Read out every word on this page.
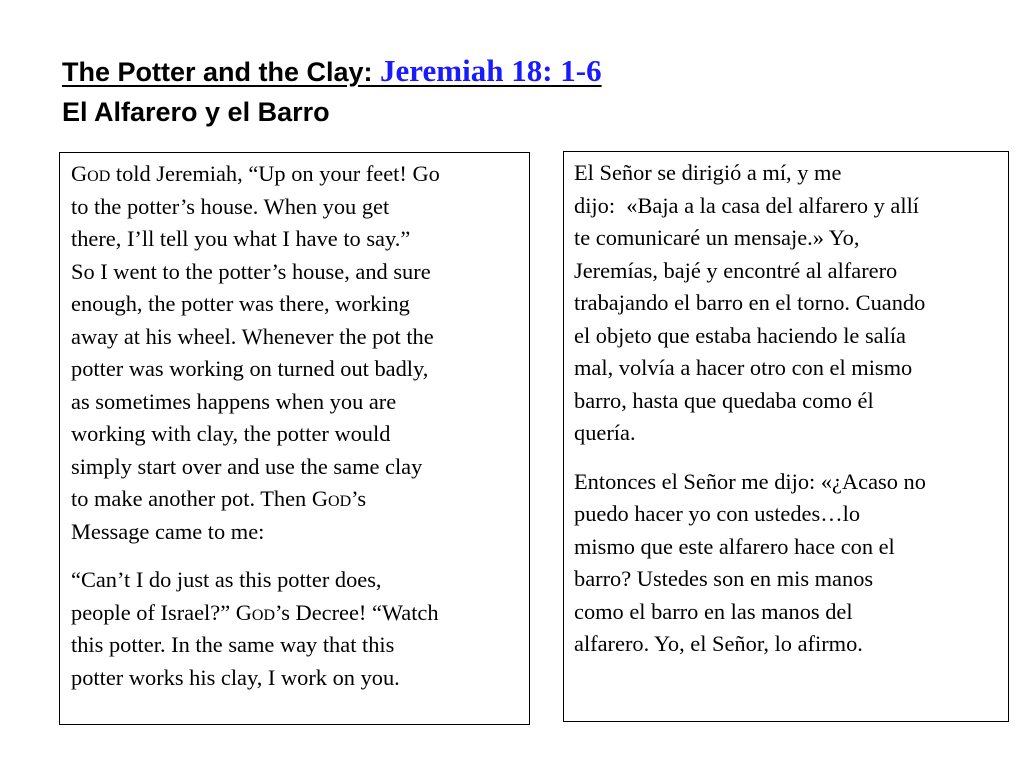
The Potter and the Clay: Jeremiah 18: 1-6
El Alfarero y el Barro

God told Jeremiah, “Up on your feet! Go
to the potter’s house. When you get
there, I’ll tell you what I have to say.”
So I went to the potter’s house, and sure
enough, the potter was there, working
away at his wheel. Whenever the pot the
potter was working on turned out badly,
as sometimes happens when you are
working with clay, the potter would
simply start over and use the same clay
to make another pot. Then God’s
Message came to me:

“Can’t I do just as this potter does,
people of Israel?” God’s Decree! “Watch
this potter. In the same way that this
potter works his clay, I work on you.

El Señor se dirigió a mí, y me
dijo:  «Baja a la casa del alfarero y allí
te comunicaré un mensaje.» Yo,
Jeremías, bajé y encontré al alfarero
trabajando el barro en el torno. Cuando
el objeto que estaba haciendo le salía
mal, volvía a hacer otro con el mismo
barro, hasta que quedaba como él
quería.

Entonces el Señor me dijo: «¿Acaso no
puedo hacer yo con ustedes…lo
mismo que este alfarero hace con el
barro? Ustedes son en mis manos
como el barro en las manos del
alfarero. Yo, el Señor, lo afirmo.
